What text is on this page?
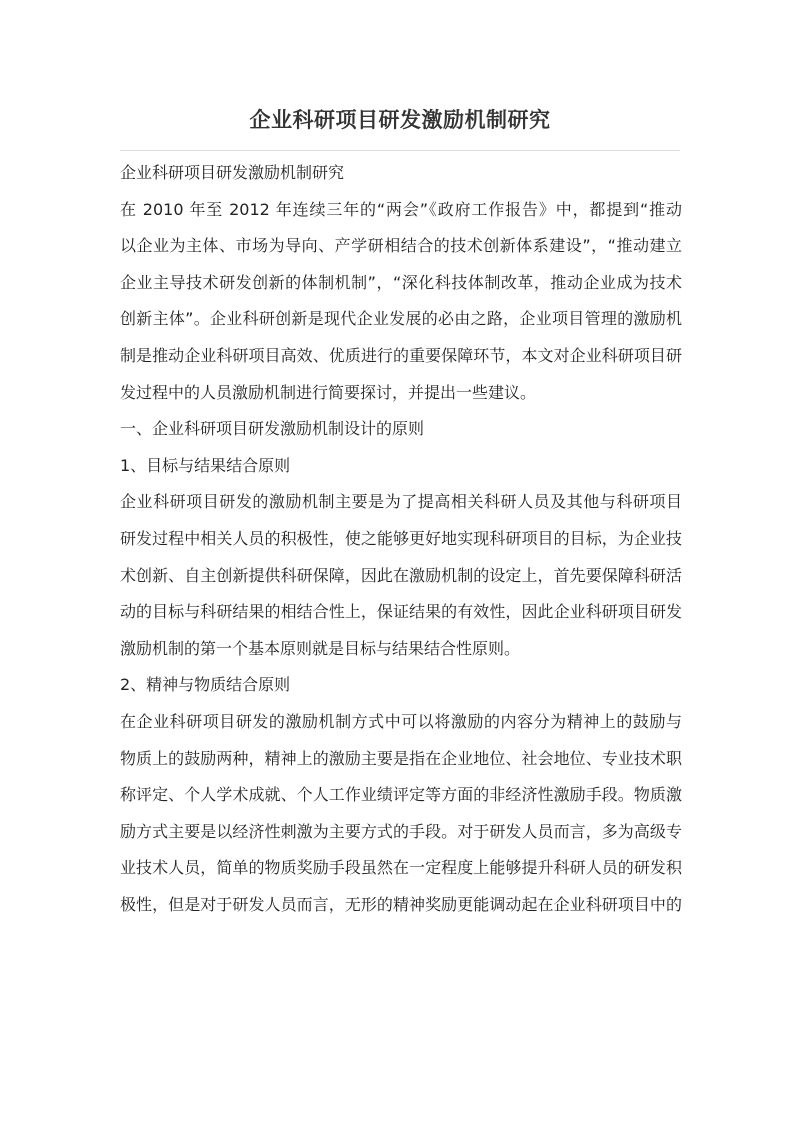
企业科研项目研发激励机制研究
企业科研项目研发激励机制研究
在 2010 年至 2012 年连续三年的“两会”《政府工作报告》中，都提到“推动
以企业为主体、市场为导向、产学研相结合的技术创新体系建设”，“推动建立
企业主导技术研发创新的体制机制”，“深化科技体制改革，推动企业成为技术
创新主体”。企业科研创新是现代企业发展的必由之路，企业项目管理的激励机
制是推动企业科研项目高效、优质进行的重要保障环节，本文对企业科研项目研
发过程中的人员激励机制进行简要探讨，并提出一些建议。
一、企业科研项目研发激励机制设计的原则
1、目标与结果结合原则
企业科研项目研发的激励机制主要是为了提高相关科研人员及其他与科研项目
研发过程中相关人员的积极性，使之能够更好地实现科研项目的目标，为企业技
术创新、自主创新提供科研保障，因此在激励机制的设定上，首先要保障科研活
动的目标与科研结果的相结合性上，保证结果的有效性，因此企业科研项目研发
激励机制的第一个基本原则就是目标与结果结合性原则。
2、精神与物质结合原则
在企业科研项目研发的激励机制方式中可以将激励的内容分为精神上的鼓励与
物质上的鼓励两种，精神上的激励主要是指在企业地位、社会地位、专业技术职
称评定、个人学术成就、个人工作业绩评定等方面的非经济性激励手段。物质激
励方式主要是以经济性刺激为主要方式的手段。对于研发人员而言，多为高级专
业技术人员，简单的物质奖励手段虽然在一定程度上能够提升科研人员的研发积
极性，但是对于研发人员而言，无形的精神奖励更能调动起在企业科研项目中的
